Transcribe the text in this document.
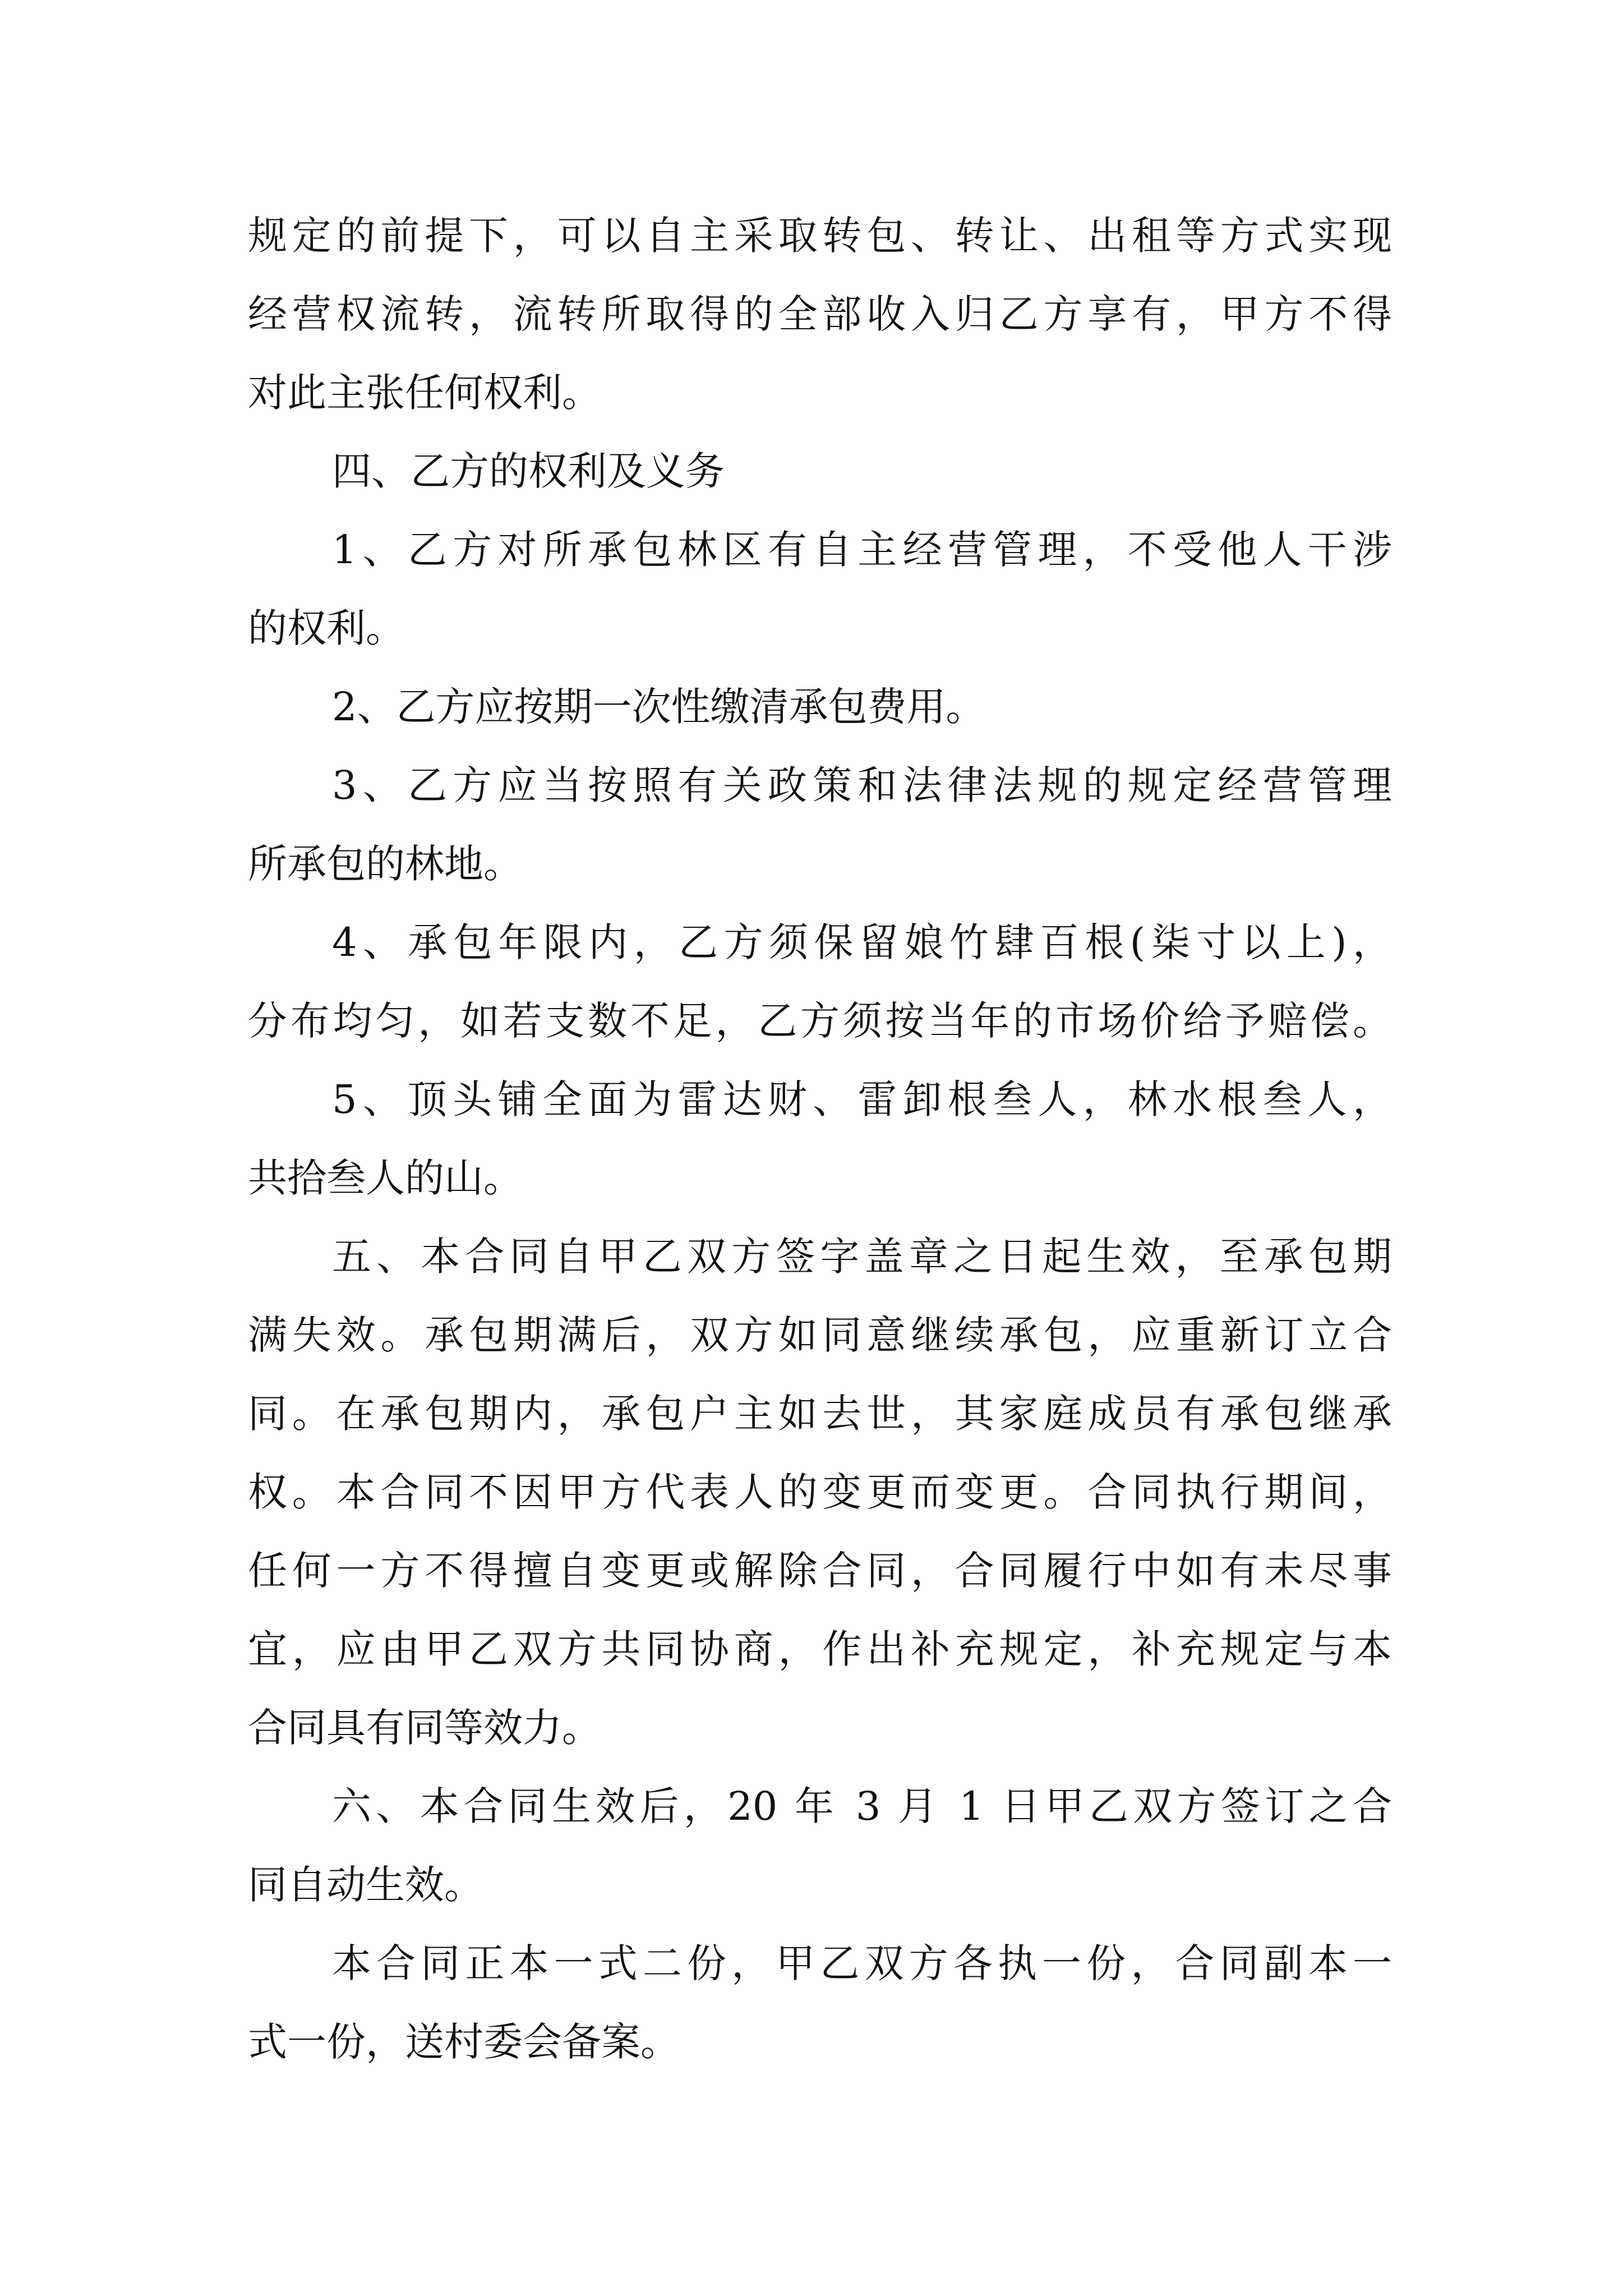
规定的前提下，可以自主采取转包、转让、出租等方式实现
经营权流转，流转所取得的全部收入归乙方享有，甲方不得
对此主张任何权利。
四、乙方的权利及义务
1、乙方对所承包林区有自主经营管理，不受他人干涉
的权利。
2、乙方应按期一次性缴清承包费用。
3、乙方应当按照有关政策和法律法规的规定经营管理
所承包的林地。
4、承包年限内，乙方须保留娘竹肆百根(柒寸以上)，
分布均匀，如若支数不足，乙方须按当年的市场价给予赔偿。
5、顶头铺全面为雷达财、雷卸根叁人，林水根叁人，
共拾叁人的山。
五、本合同自甲乙双方签字盖章之日起生效，至承包期
满失效。承包期满后，双方如同意继续承包，应重新订立合
同。在承包期内，承包户主如去世，其家庭成员有承包继承
权。本合同不因甲方代表人的变更而变更。合同执行期间，
任何一方不得擅自变更或解除合同，合同履行中如有未尽事
宜，应由甲乙双方共同协商，作出补充规定，补充规定与本
合同具有同等效力。
六、本合同生效后，20 年 3 月 1 日甲乙双方签订之合
同自动生效。
本合同正本一式二份，甲乙双方各执一份，合同副本一
式一份，送村委会备案。
